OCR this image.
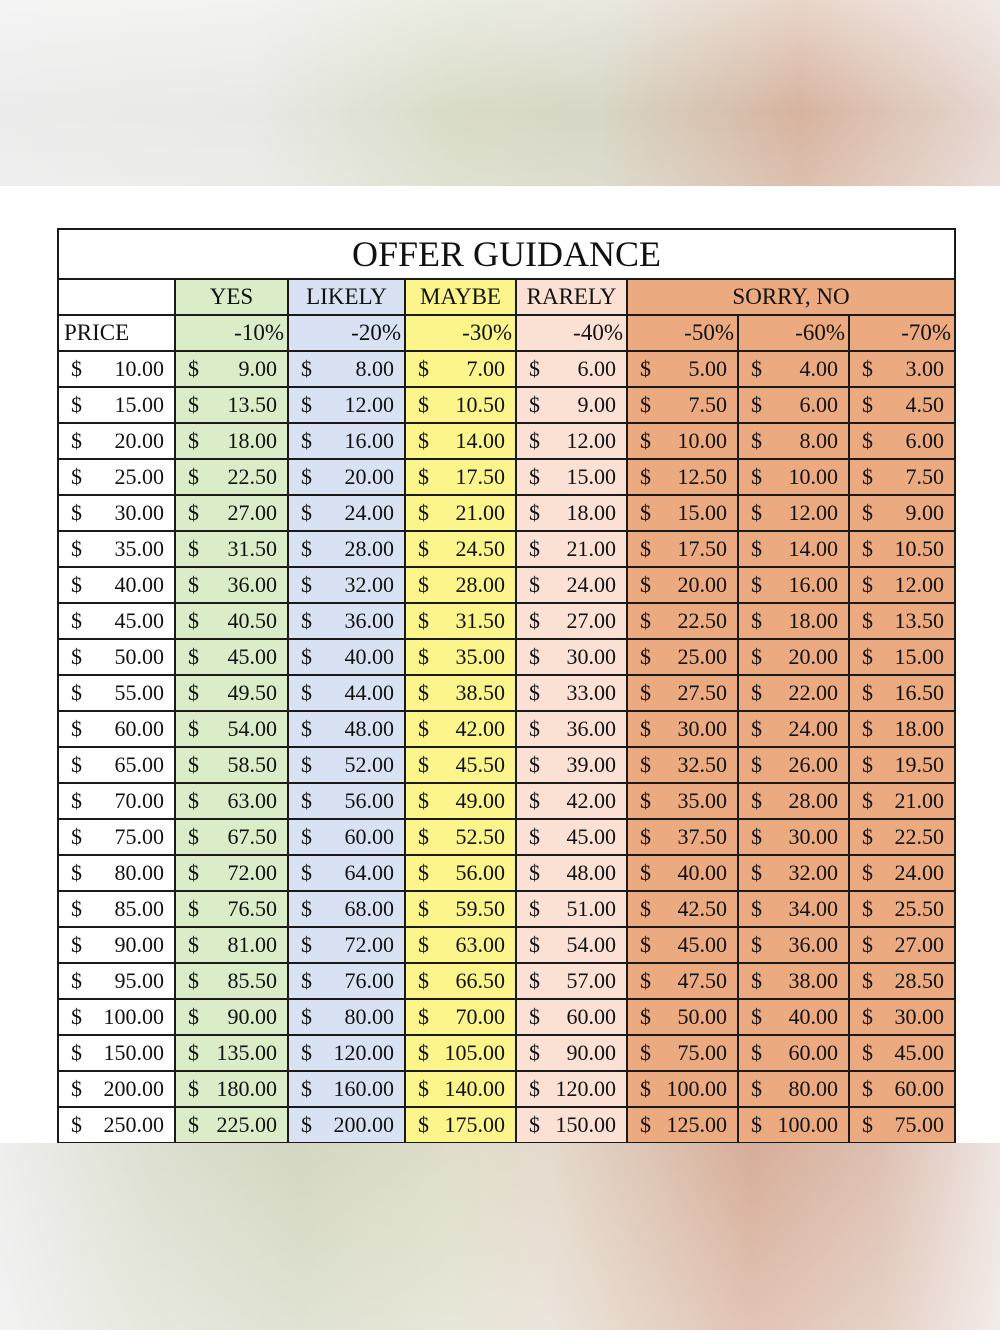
OFFER GUIDANCE							
	YES	LIKELY	MAYBE	RARELY	SORRY, NO		
PRICE	-10%	-20%	-30%	-40%	-50%	-60%	-70%

$ 10.00	$ 9.00	$ 8.00	$ 7.00	$ 6.00	$ 5.00	$ 4.00	$ 3.00

$ 15.00	$ 13.50	$ 12.00	$ 10.50	$ 9.00	$ 7.50	$ 6.00	$ 4.50

$ 20.00	$ 18.00	$ 16.00	$ 14.00	$ 12.00	$ 10.00	$ 8.00	$ 6.00

$ 25.00	$ 22.50	$ 20.00	$ 17.50	$ 15.00	$ 12.50	$ 10.00	$ 7.50

$ 30.00	$ 27.00	$ 24.00	$ 21.00	$ 18.00	$ 15.00	$ 12.00	$ 9.00

$ 35.00	$ 31.50	$ 28.00	$ 24.50	$ 21.00	$ 17.50	$ 14.00	$ 10.50

$ 40.00	$ 36.00	$ 32.00	$ 28.00	$ 24.00	$ 20.00	$ 16.00	$ 12.00

$ 45.00	$ 40.50	$ 36.00	$ 31.50	$ 27.00	$ 22.50	$ 18.00	$ 13.50

$ 50.00	$ 45.00	$ 40.00	$ 35.00	$ 30.00	$ 25.00	$ 20.00	$ 15.00

$ 55.00	$ 49.50	$ 44.00	$ 38.50	$ 33.00	$ 27.50	$ 22.00	$ 16.50

$ 60.00	$ 54.00	$ 48.00	$ 42.00	$ 36.00	$ 30.00	$ 24.00	$ 18.00

$ 65.00	$ 58.50	$ 52.00	$ 45.50	$ 39.00	$ 32.50	$ 26.00	$ 19.50

$ 70.00	$ 63.00	$ 56.00	$ 49.00	$ 42.00	$ 35.00	$ 28.00	$ 21.00

$ 75.00	$ 67.50	$ 60.00	$ 52.50	$ 45.00	$ 37.50	$ 30.00	$ 22.50

$ 80.00	$ 72.00	$ 64.00	$ 56.00	$ 48.00	$ 40.00	$ 32.00	$ 24.00

$ 85.00	$ 76.50	$ 68.00	$ 59.50	$ 51.00	$ 42.50	$ 34.00	$ 25.50

$ 90.00	$ 81.00	$ 72.00	$ 63.00	$ 54.00	$ 45.00	$ 36.00	$ 27.00

$ 95.00	$ 85.50	$ 76.00	$ 66.50	$ 57.00	$ 47.50	$ 38.00	$ 28.50

$ 100.00	$ 90.00	$ 80.00	$ 70.00	$ 60.00	$ 50.00	$ 40.00	$ 30.00

$ 150.00	$ 135.00	$ 120.00	$ 105.00	$ 90.00	$ 75.00	$ 60.00	$ 45.00

$ 200.00	$ 180.00	$ 160.00	$ 140.00	$ 120.00	$ 100.00	$ 80.00	$ 60.00

$ 250.00	$ 225.00	$ 200.00	$ 175.00	$ 150.00	$ 125.00	$ 100.00	$ 75.00
